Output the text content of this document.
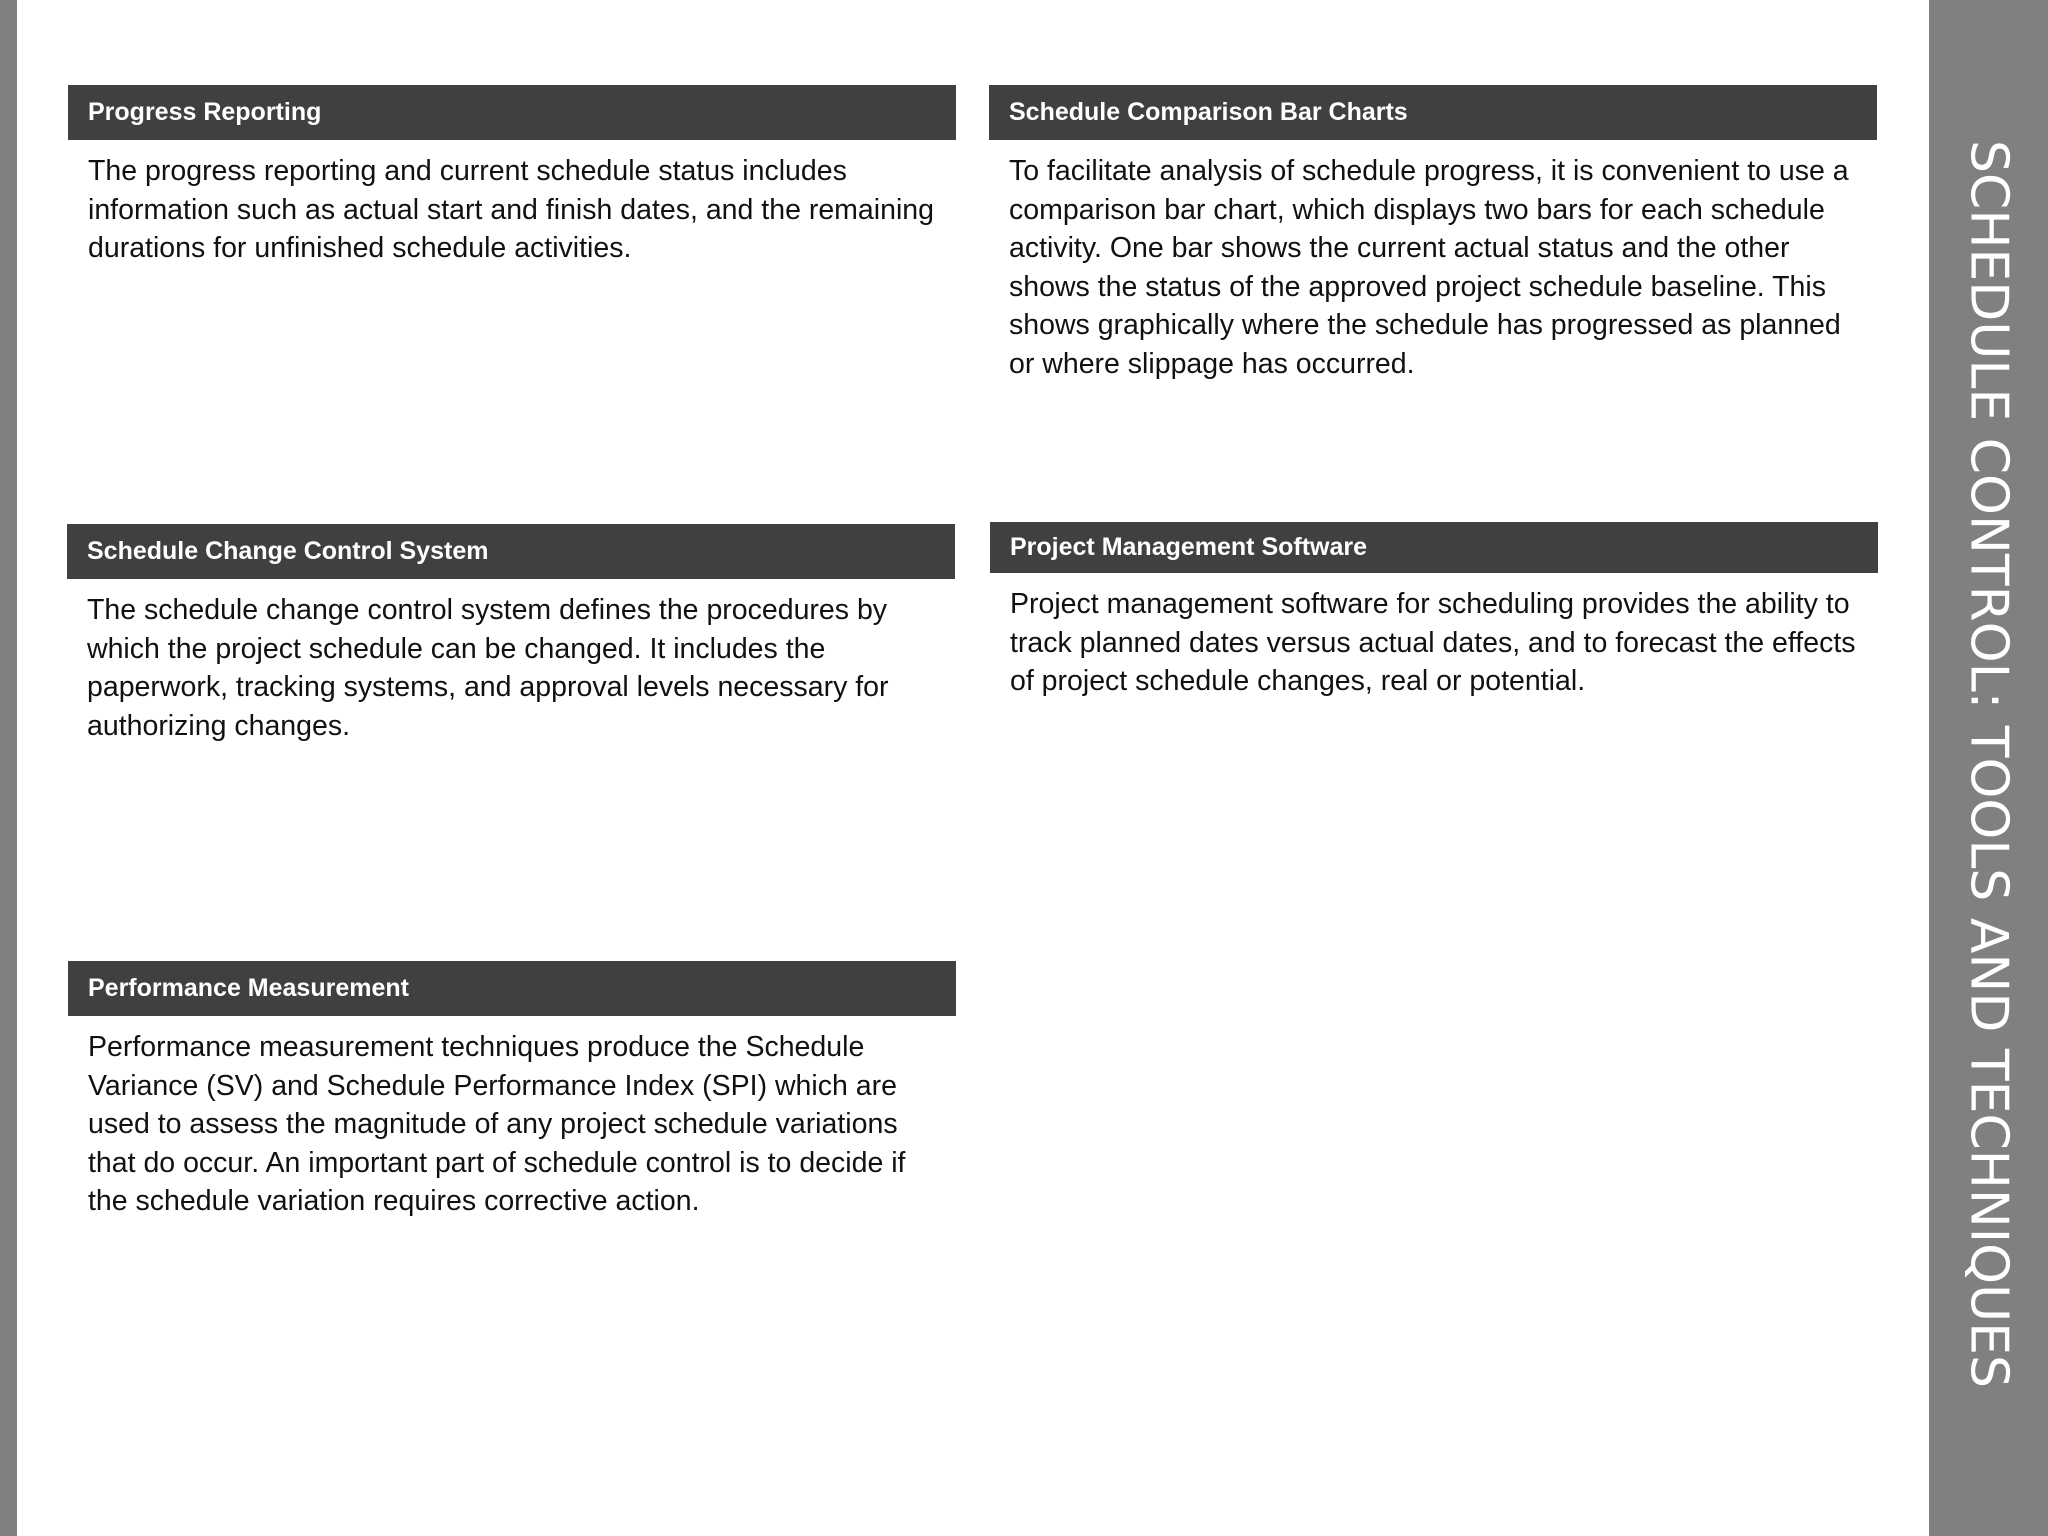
Progress Reporting
The progress reporting and current schedule status includes information such as actual start and finish dates, and the remaining durations for unfinished schedule activities.
Schedule Comparison Bar Charts
To facilitate analysis of schedule progress, it is convenient to use a comparison bar chart, which displays two bars for each schedule activity. One bar shows the current actual status and the other shows the status of the approved project schedule baseline. This shows graphically where the schedule has progressed as planned or where slippage has occurred.
Schedule Change Control System
The schedule change control system defines the procedures by which the project schedule can be changed. It includes the paperwork, tracking systems, and approval levels necessary for authorizing changes.
Project Management Software
Project management software for scheduling provides the ability to track planned dates versus actual dates, and to forecast the effects of project schedule changes, real or potential.
Performance Measurement
Performance measurement techniques produce the Schedule Variance (SV) and Schedule Performance Index (SPI) which are used to assess the magnitude of any project schedule variations that do occur. An important part of schedule control is to decide if the schedule variation requires corrective action.	SCHEDULE CONTROL: TOOLS AND TECHNIQUES
